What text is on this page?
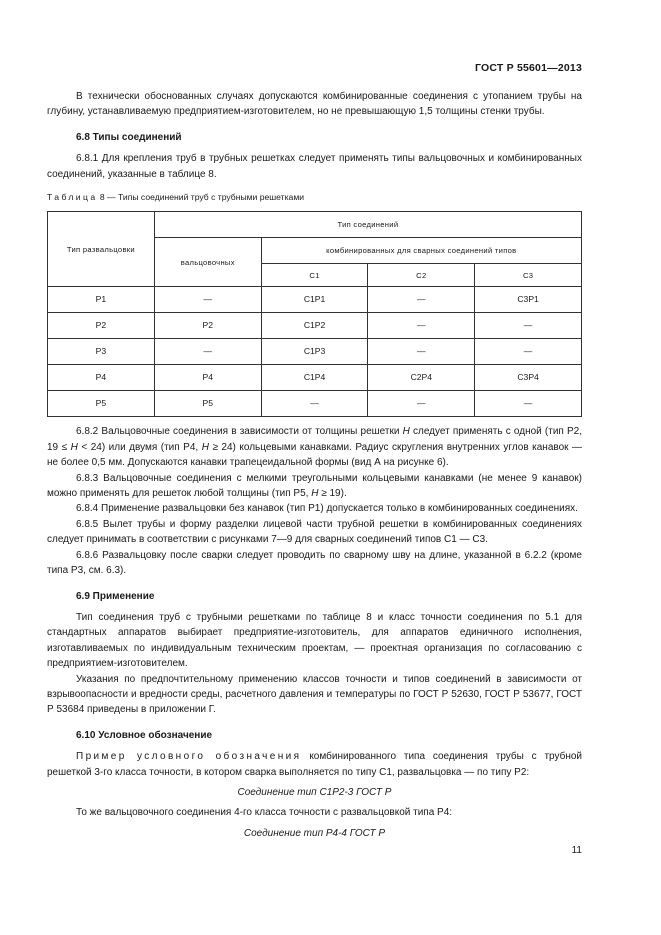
ГОСТ Р 55601—2013

В технически обоснованных случаях допускаются комбинированные соединения с утопанием трубы на глубину, устанавливаемую предприятием-изготовителем, но не превышающую 1,5 толщины стенки трубы.

6.8 Типы соединений

6.8.1 Для крепления труб в трубных решетках следует применять типы вальцовочных и комбинированных соединений, указанные в таблице 8.

Таблица 8 — Типы соединений труб с трубными решетками
Тип развальцовки	Тип соединений			
	вальцовочных	комбинированных для сварных соединений типов		
		С1	С2	С3
Р1	—	С1Р1	—	С3Р1
Р2	Р2	С1Р2	—	—
Р3	—	С1Р3	—	—
Р4	Р4	С1Р4	С2Р4	С3Р4
Р5	Р5	—	—	—

6.8.2 Вальцовочные соединения в зависимости от толщины решетки H следует применять с одной (тип Р2, 19 ≤ H < 24) или двумя (тип Р4, H ≥ 24) кольцевыми канавками. Радиус скругления внутренних углов канавок — не более 0,5 мм. Допускаются канавки трапецеидальной формы (вид А на рисунке 6).

6.8.3 Вальцовочные соединения с мелкими треугольными кольцевыми канавками (не менее 9 канавок) можно применять для решеток любой толщины (тип Р5, H ≥ 19).

6.8.4 Применение развальцовки без канавок (тип Р1) допускается только в комбинированных соединениях.

6.8.5 Вылет трубы и форму разделки лицевой части трубной решетки в комбинированных соединениях следует принимать в соответствии с рисунками 7—9 для сварных соединений типов С1 — С3.

6.8.6 Развальцовку после сварки следует проводить по сварному шву на длине, указанной в 6.2.2 (кроме типа Р3, см. 6.3).

6.9 Применение

Тип соединения труб с трубными решетками по таблице 8 и класс точности соединения по 5.1 для стандартных аппаратов выбирает предприятие-изготовитель, для аппаратов единичного исполнения, изготавливаемых по индивидуальным техническим проектам, — проектная организация по согласованию с предприятием-изготовителем.

Указания по предпочтительному применению классов точности и типов соединений в зависимости от взрывоопасности и вредности среды, расчетного давления и температуры по ГОСТ Р 52630, ГОСТ Р 53677, ГОСТ Р 53684 приведены в приложении Г.

6.10 Условное обозначение

Пример условного обозначения комбинированного типа соединения трубы с трубной решеткой 3-го класса точности, в котором сварка выполняется по типу С1, развальцовка — по типу Р2:

Соединение тип С1Р2-3 ГОСТ Р

То же вальцовочного соединения 4-го класса точности с развальцовкой типа Р4:

Соединение тип Р4-4 ГОСТ Р

11
